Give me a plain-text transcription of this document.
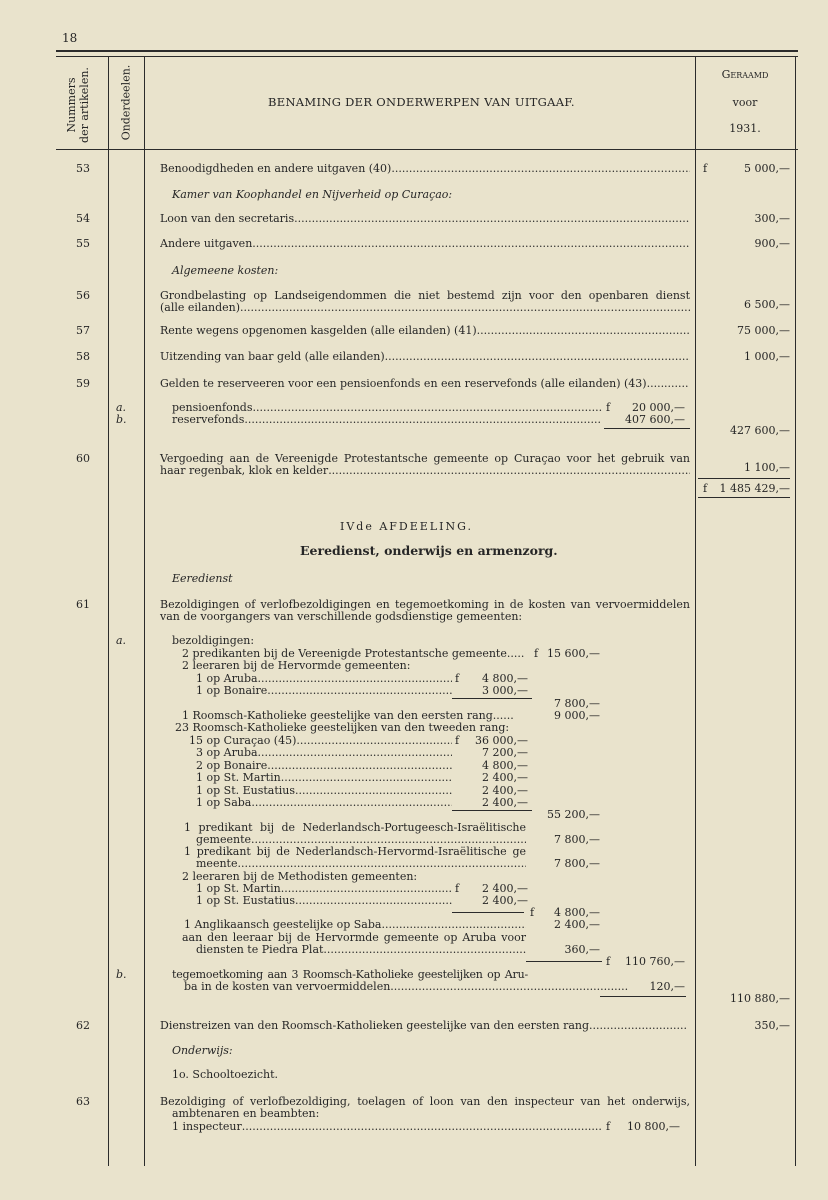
18
Nummers der artikelen.	Onderdeelen.	BENAMING DER ONDERWERPEN VAN UITGAAF.
Geraamd
voor
1931.
53	Benoodigdheden en andere uitgaven (40) .....	f	5 000,—
Kamer van Koophandel en Nijverheid op Curaçao:
54	Loon van den secretaris .....	300,—
55	Andere uitgaven .....	900,—
Algemeene kosten:
56	Grondbelasting op Landseigendommen die niet bestemd zijn voor den openbaren dienst
(alle eilanden) .....	6 500,—
57	Rente wegens opgenomen kasgelden (alle eilanden) (41) .....	75 000,—
58	Uitzending van baar geld (alle eilanden) .....	1 000,—
59	Gelden te reserveeren voor een pensioenfonds en een reservefonds (alle eilanden) (43)
.....
a.	pensioenfonds .....	f	20 000,—
b.	reservefonds .....	407 600,—
427 600,—
60	Vergoeding aan de Vereenigde Protestantsche gemeente op Curaçao voor het gebruik van
haar regenbak, klok en kelder .....	1 100,—
f	1 485 429,—
IVde AFDEELING.
Eeredienst, onderwijs en armenzorg.
Eeredienst
61	Bezoldigingen of verlofbezoldigingen en tegemoetkoming in de kosten van vervoermiddelen
van de voorgangers van verschillende godsdienstige gemeenten:
a.	bezoldigingen:
2 predikanten bij de Vereenigde Protestantsche gemeente..... f 15 600,—
2 leeraren bij de Hervormde gemeenten:
1 op Aruba .....	f	4 800,—
1 op Bonaire .....	3 000,—
7 800,—
1 Roomsch-Katholieke geestelijke van den eersten rang......	9 000,—
23 Roomsch-Katholieke geestelijken van den tweeden rang:
15 op Curaçao (45) .....	f	36 000,—
3 op Aruba .....	7 200,—
2 op Bonaire .....	4 800,—
1 op St. Martin .....	2 400,—
1 op St. Eustatius .....	2 400,—
1 op Saba .....	2 400,—
55 200,—
1 predikant bij de Nederlandsch-Portugeesch-Israëlitische
gemeente .....	7 800,—
1 predikant bij de Nederlandsch-Hervormd-Israëlitische ge
meente .....	7 800,—
2 leeraren bij de Methodisten gemeenten:
1 op St. Martin .....	f	2 400,—
1 op St. Eustatius .....	2 400,—
f	4 800,—
1 Anglikaansch geestelijke op Saba .....	2 400,—
aan den leeraar bij de Hervormde gemeente op Aruba voor
diensten te Piedra Plat .....	360,—
f	110 760,—
b.	tegemoetkoming aan 3 Roomsch-Katholieke geestelijken op Aru-
ba in de kosten van vervoermiddelen .....	120,—
110 880,—
62	Dienstreizen van den Roomsch-Katholieken geestelijke van den eersten rang .....	350,—
Onderwijs:
1o. Schooltoezicht.
63	Bezoldiging of verlofbezoldiging, toelagen of loon van den inspecteur van het onderwijs,
ambtenaren en beambten:
1 inspecteur .....	f	10 800,—
